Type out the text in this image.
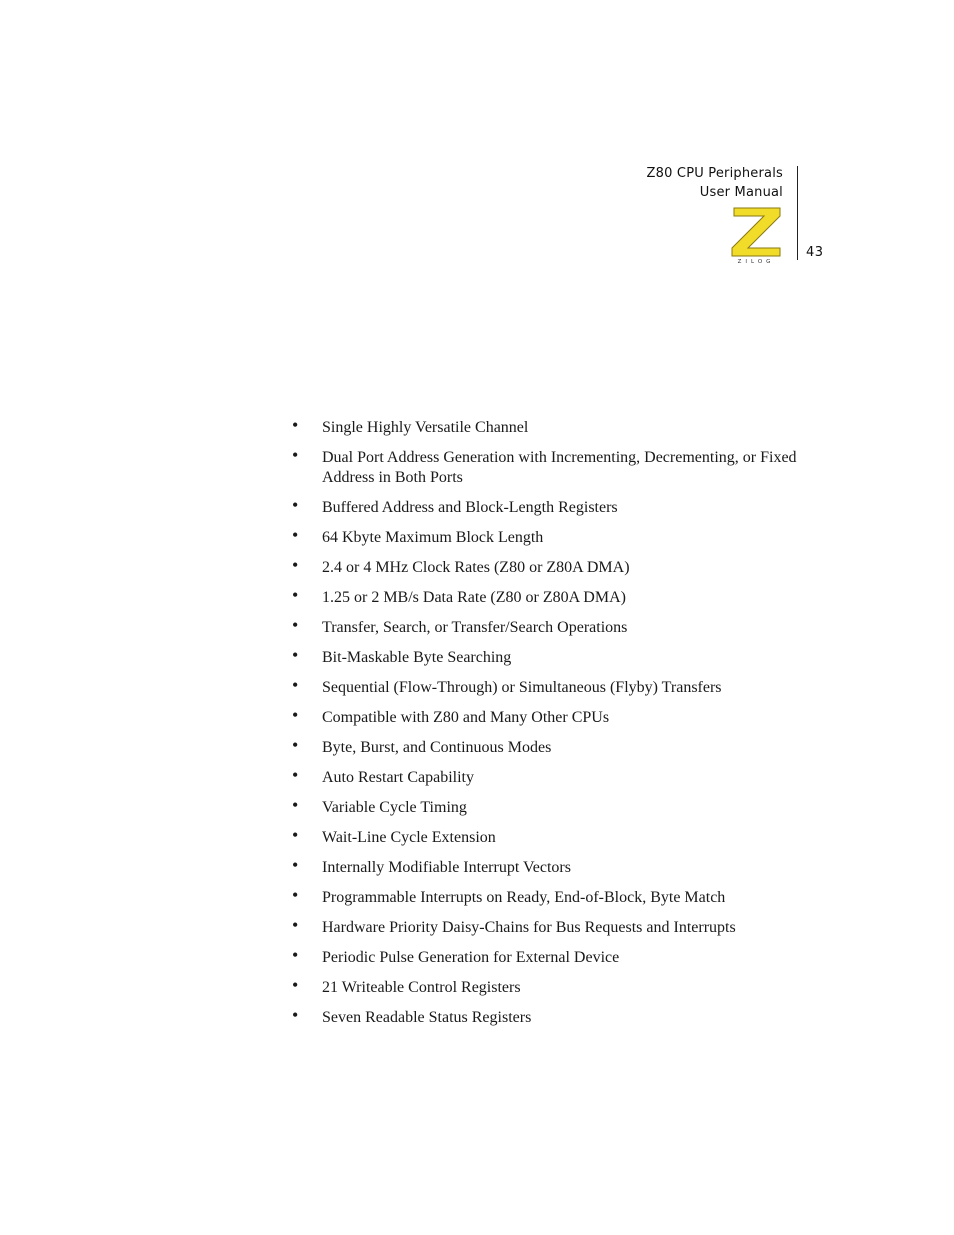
Z80 CPU Peripherals
User Manual
ZILOG
43
• Single Highly Versatile Channel
• Dual Port Address Generation with Incrementing, Decrementing, or Fixed Address in Both Ports
• Buffered Address and Block-Length Registers
• 64 Kbyte Maximum Block Length
• 2.4 or 4 MHz Clock Rates (Z80 or Z80A DMA)
• 1.25 or 2 MB/s Data Rate (Z80 or Z80A DMA)
• Transfer, Search, or Transfer/Search Operations
• Bit-Maskable Byte Searching
• Sequential (Flow-Through) or Simultaneous (Flyby) Transfers
• Compatible with Z80 and Many Other CPUs
• Byte, Burst, and Continuous Modes
• Auto Restart Capability
• Variable Cycle Timing
• Wait-Line Cycle Extension
• Internally Modifiable Interrupt Vectors
• Programmable Interrupts on Ready, End-of-Block, Byte Match
• Hardware Priority Daisy-Chains for Bus Requests and Interrupts
• Periodic Pulse Generation for External Device
• 21 Writeable Control Registers
• Seven Readable Status Registers
